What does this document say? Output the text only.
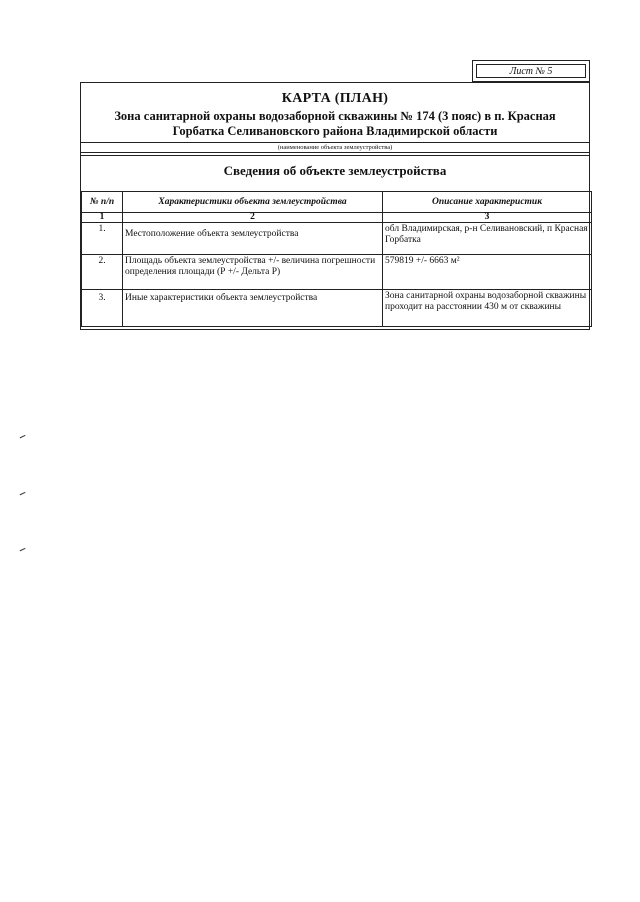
Лист № 5
КАРТА (ПЛАН)
Зона санитарной охраны водозаборной скважины № 174 (3 пояс) в п. Красная
Горбатка Селивановского района Владимирской области
(наименование объекта землеустройства)
Сведения об объекте землеустройства
№ п/п	Характеристики объекта землеустройства	Описание характеристик
1	2	3
1.	Местоположение объекта землеустройства	обл Владимирская, р-н Селивановский, п Красная Горбатка
2.	Площадь объекта землеустройства +/- величина погрешности определения площади (Р +/- Дельта Р)	579819 +/- 6663 м²
3.	Иные характеристики объекта землеустройства	Зона санитарной охраны водозаборной скважины проходит на расстоянии 430 м от скважины
